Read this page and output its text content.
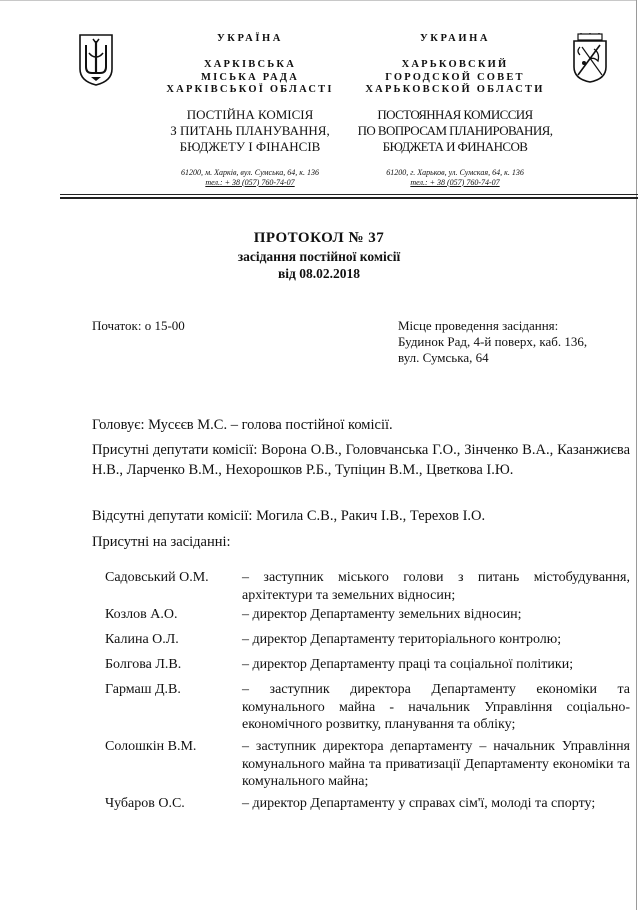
УКРАЇНА
ХАРКІВСЬКА
МІСЬКА РАДА
ХАРКІВСЬКОЇ ОБЛАСТІ
ПОСТІЙНА КОМІСІЯ
З ПИТАНЬ ПЛАНУВАННЯ,
БЮДЖЕТУ І ФІНАНСІВ
61200, м. Харків, вул. Сумська, 64, к. 136
тел.: + 38 (057) 760-74-07
УКРАИНА
ХАРЬКОВСКИЙ
ГОРОДСКОЙ СОВЕТ
ХАРЬКОВСКОЙ ОБЛАСТИ
ПОСТОЯННАЯ КОМИССИЯ
ПО ВОПРОСАМ ПЛАНИРОВАНИЯ,
БЮДЖЕТА И ФИНАНСОВ
61200, г. Харьков, ул. Сумская, 64, к. 136
тел.: + 38 (057) 760-74-07
ПРОТОКОЛ № 37
засідання постійної комісії
від 08.02.2018
Початок: о 15-00	Місце проведення засідання:
Будинок Рад, 4-й поверх, каб. 136,
вул. Сумська, 64
Головує: Мусєєв М.С. – голова постійної комісії.
Присутні депутати комісії: Ворона О.В., Головчанська Г.О., Зінченко В.А., Казанжиєва Н.В., Ларченко В.М., Нехорошков Р.Б., Тупіцин В.М., Цветкова І.Ю.
Відсутні депутати комісії: Могила С.В., Ракич І.В., Терехов І.О.
Присутні на засіданні:
Садовський О.М.	– заступник міського голови з питань містобудування, архітектури та земельних відносин;
Козлов А.О.	– директор Департаменту земельних відносин;
Калина О.Л.	– директор Департаменту територіального контролю;
Болгова Л.В.	– директор Департаменту праці та соціальної політики;
Гармаш Д.В.	– заступник директора Департаменту економіки та комунального майна - начальник Управління соціально-економічного розвитку, планування та обліку;
Солошкін В.М.	– заступник директора департаменту – начальник Управління комунального майна та приватизації Департаменту економіки та комунального майна;
Чубаров О.С.	– директор Департаменту у справах сім'ї, молоді та спорту;
